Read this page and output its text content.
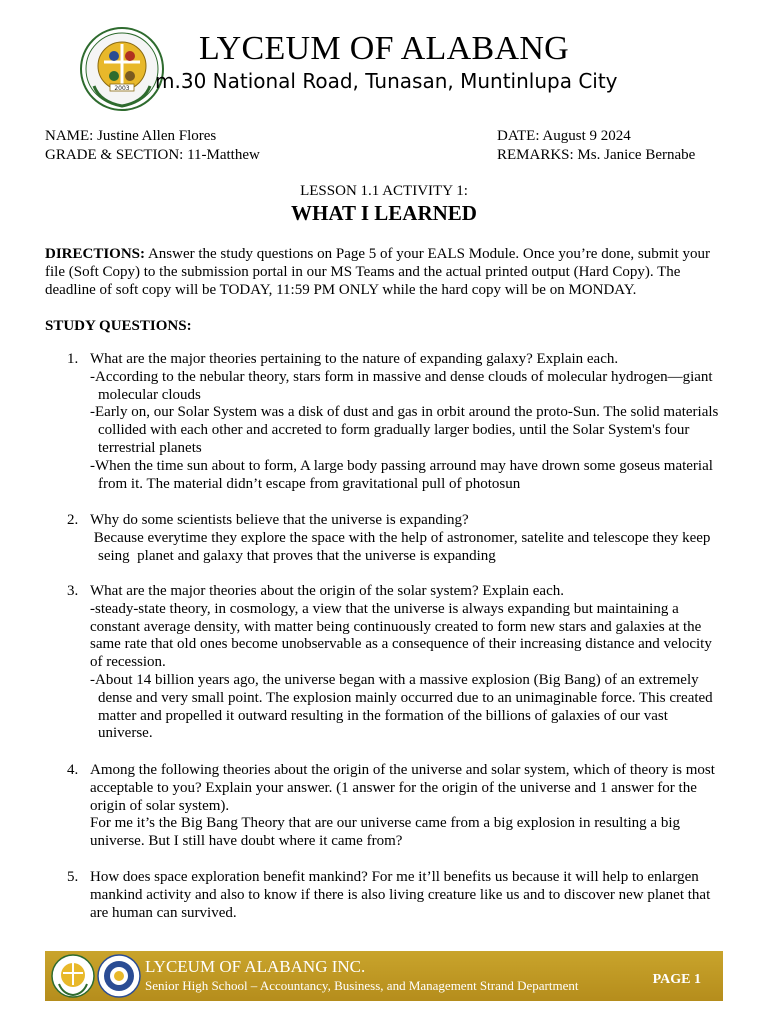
2003
LYCEUM OF ALABANG
m.30 National Road, Tunasan, Muntinlupa City
NAME: Justine Allen Flores
GRADE & SECTION: 11-Matthew
DATE: August 9 2024
REMARKS: Ms. Janice Bernabe
LESSON 1.1 ACTIVITY 1:
WHAT I LEARNED
DIRECTIONS: Answer the study questions on Page 5 of your EALS Module. Once you’re done, submit your file (Soft Copy) to the submission portal in our MS Teams and the actual printed output (Hard Copy). The deadline of soft copy will be TODAY, 11:59 PM ONLY while the hard copy will be on MONDAY.
STUDY QUESTIONS:
1. What are the major theories pertaining to the nature of expanding galaxy? Explain each.
-According to the nebular theory, stars form in massive and dense clouds of molecular hydrogen—giant molecular clouds
-Early on, our Solar System was a disk of dust and gas in orbit around the proto-Sun. The solid materials collided with each other and accreted to form gradually larger bodies, until the Solar System's four terrestrial planets
-When the time sun about to form, A large body passing arround may have drown some goseus material from it. The material didn’t escape from gravitational pull of photosun
2. Why do some scientists believe that the universe is expanding?
Because everytime they explore the space with the help of astronomer, satelite and telescope they keep seing  planet and galaxy that proves that the universe is expanding
3. What are the major theories about the origin of the solar system? Explain each.
-steady-state theory, in cosmology, a view that the universe is always expanding but maintaining a constant average density, with matter being continuously created to form new stars and galaxies at the same rate that old ones become unobservable as a consequence of their increasing distance and velocity of recession.
-About 14 billion years ago, the universe began with a massive explosion (Big Bang) of an extremely dense and very small point. The explosion mainly occurred due to an unimaginable force. This created matter and propelled it outward resulting in the formation of the billions of galaxies of our vast universe.
4. Among the following theories about the origin of the universe and solar system, which of theory is most acceptable to you? Explain your answer. (1 answer for the origin of the universe and 1 answer for the origin of solar system).
For me it’s the Big Bang Theory that are our universe came from a big explosion in resulting a big universe. But I still have doubt where it came from?
5. How does space exploration benefit mankind? For me it’ll benefits us because it will help to enlargen mankind activity and also to know if there is also living creature like us and to discover new planet that are human can survived.
LYCEUM OF ALABANG INC.
Senior High School – Accountancy, Business, and Management Strand Department	PAGE 1
